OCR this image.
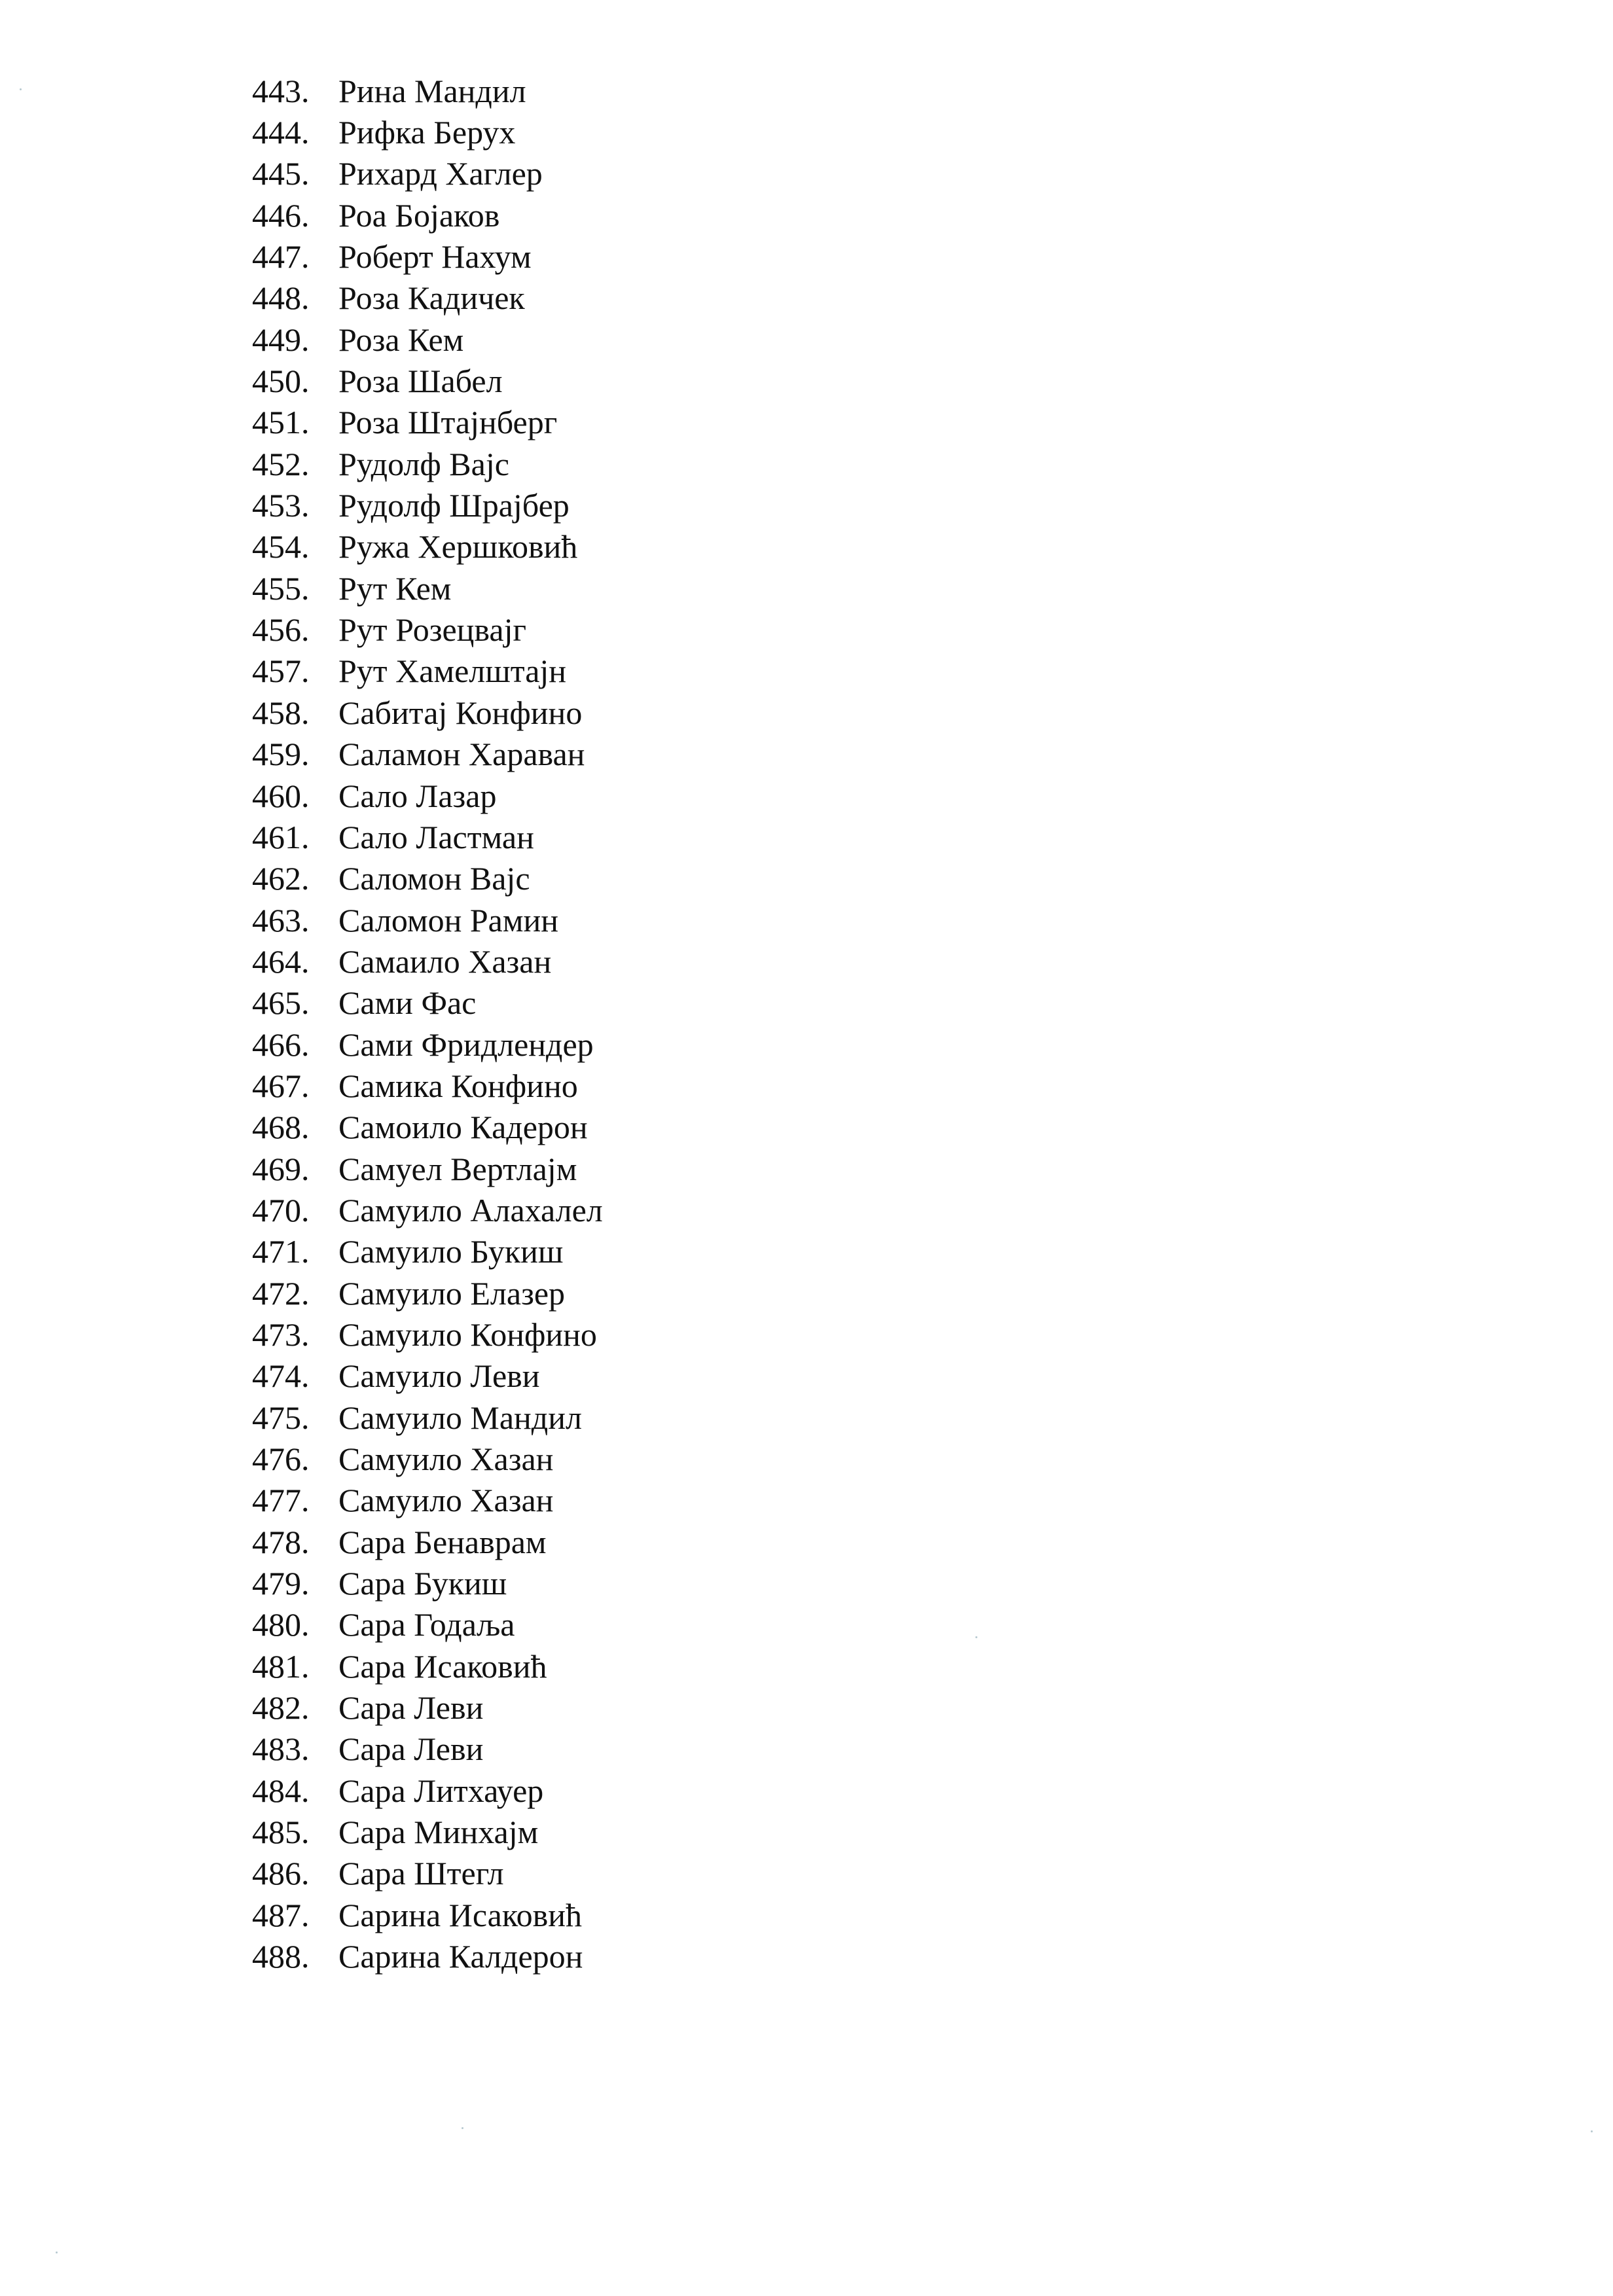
443. Рина Мандил
444. Рифка Берух
445. Рихард Хаглер
446. Роа Бојаков
447. Роберт Нахум
448. Роза Кадичек
449. Роза Кем
450. Роза Шабел
451. Роза Штајнберг
452. Рудолф Вајс
453. Рудолф Шрајбер
454. Ружа Хершковић
455. Рут Кем
456. Рут Розецвајг
457. Рут Хамелштајн
458. Сабитај Конфино
459. Саламон Хараван
460. Сало Лазар
461. Сало Ластман
462. Саломон Вајс
463. Саломон Рамин
464. Самаило Хазан
465. Сами Фас
466. Сами Фридлендер
467. Самика Конфино
468. Самоило Кадерон
469. Самуел Вертлајм
470. Самуило Алахалел
471. Самуило Букиш
472. Самуило Елазер
473. Самуило Конфино
474. Самуило Леви
475. Самуило Мандил
476. Самуило Хазан
477. Самуило Хазан
478. Сара Бенаврам
479. Сара Букиш
480. Сара Годаља
481. Сара Исаковић
482. Сара Леви
483. Сара Леви
484. Сара Литхауер
485. Сара Минхајм
486. Сара Штегл
487. Сарина Исаковић
488. Сарина Калдерон
